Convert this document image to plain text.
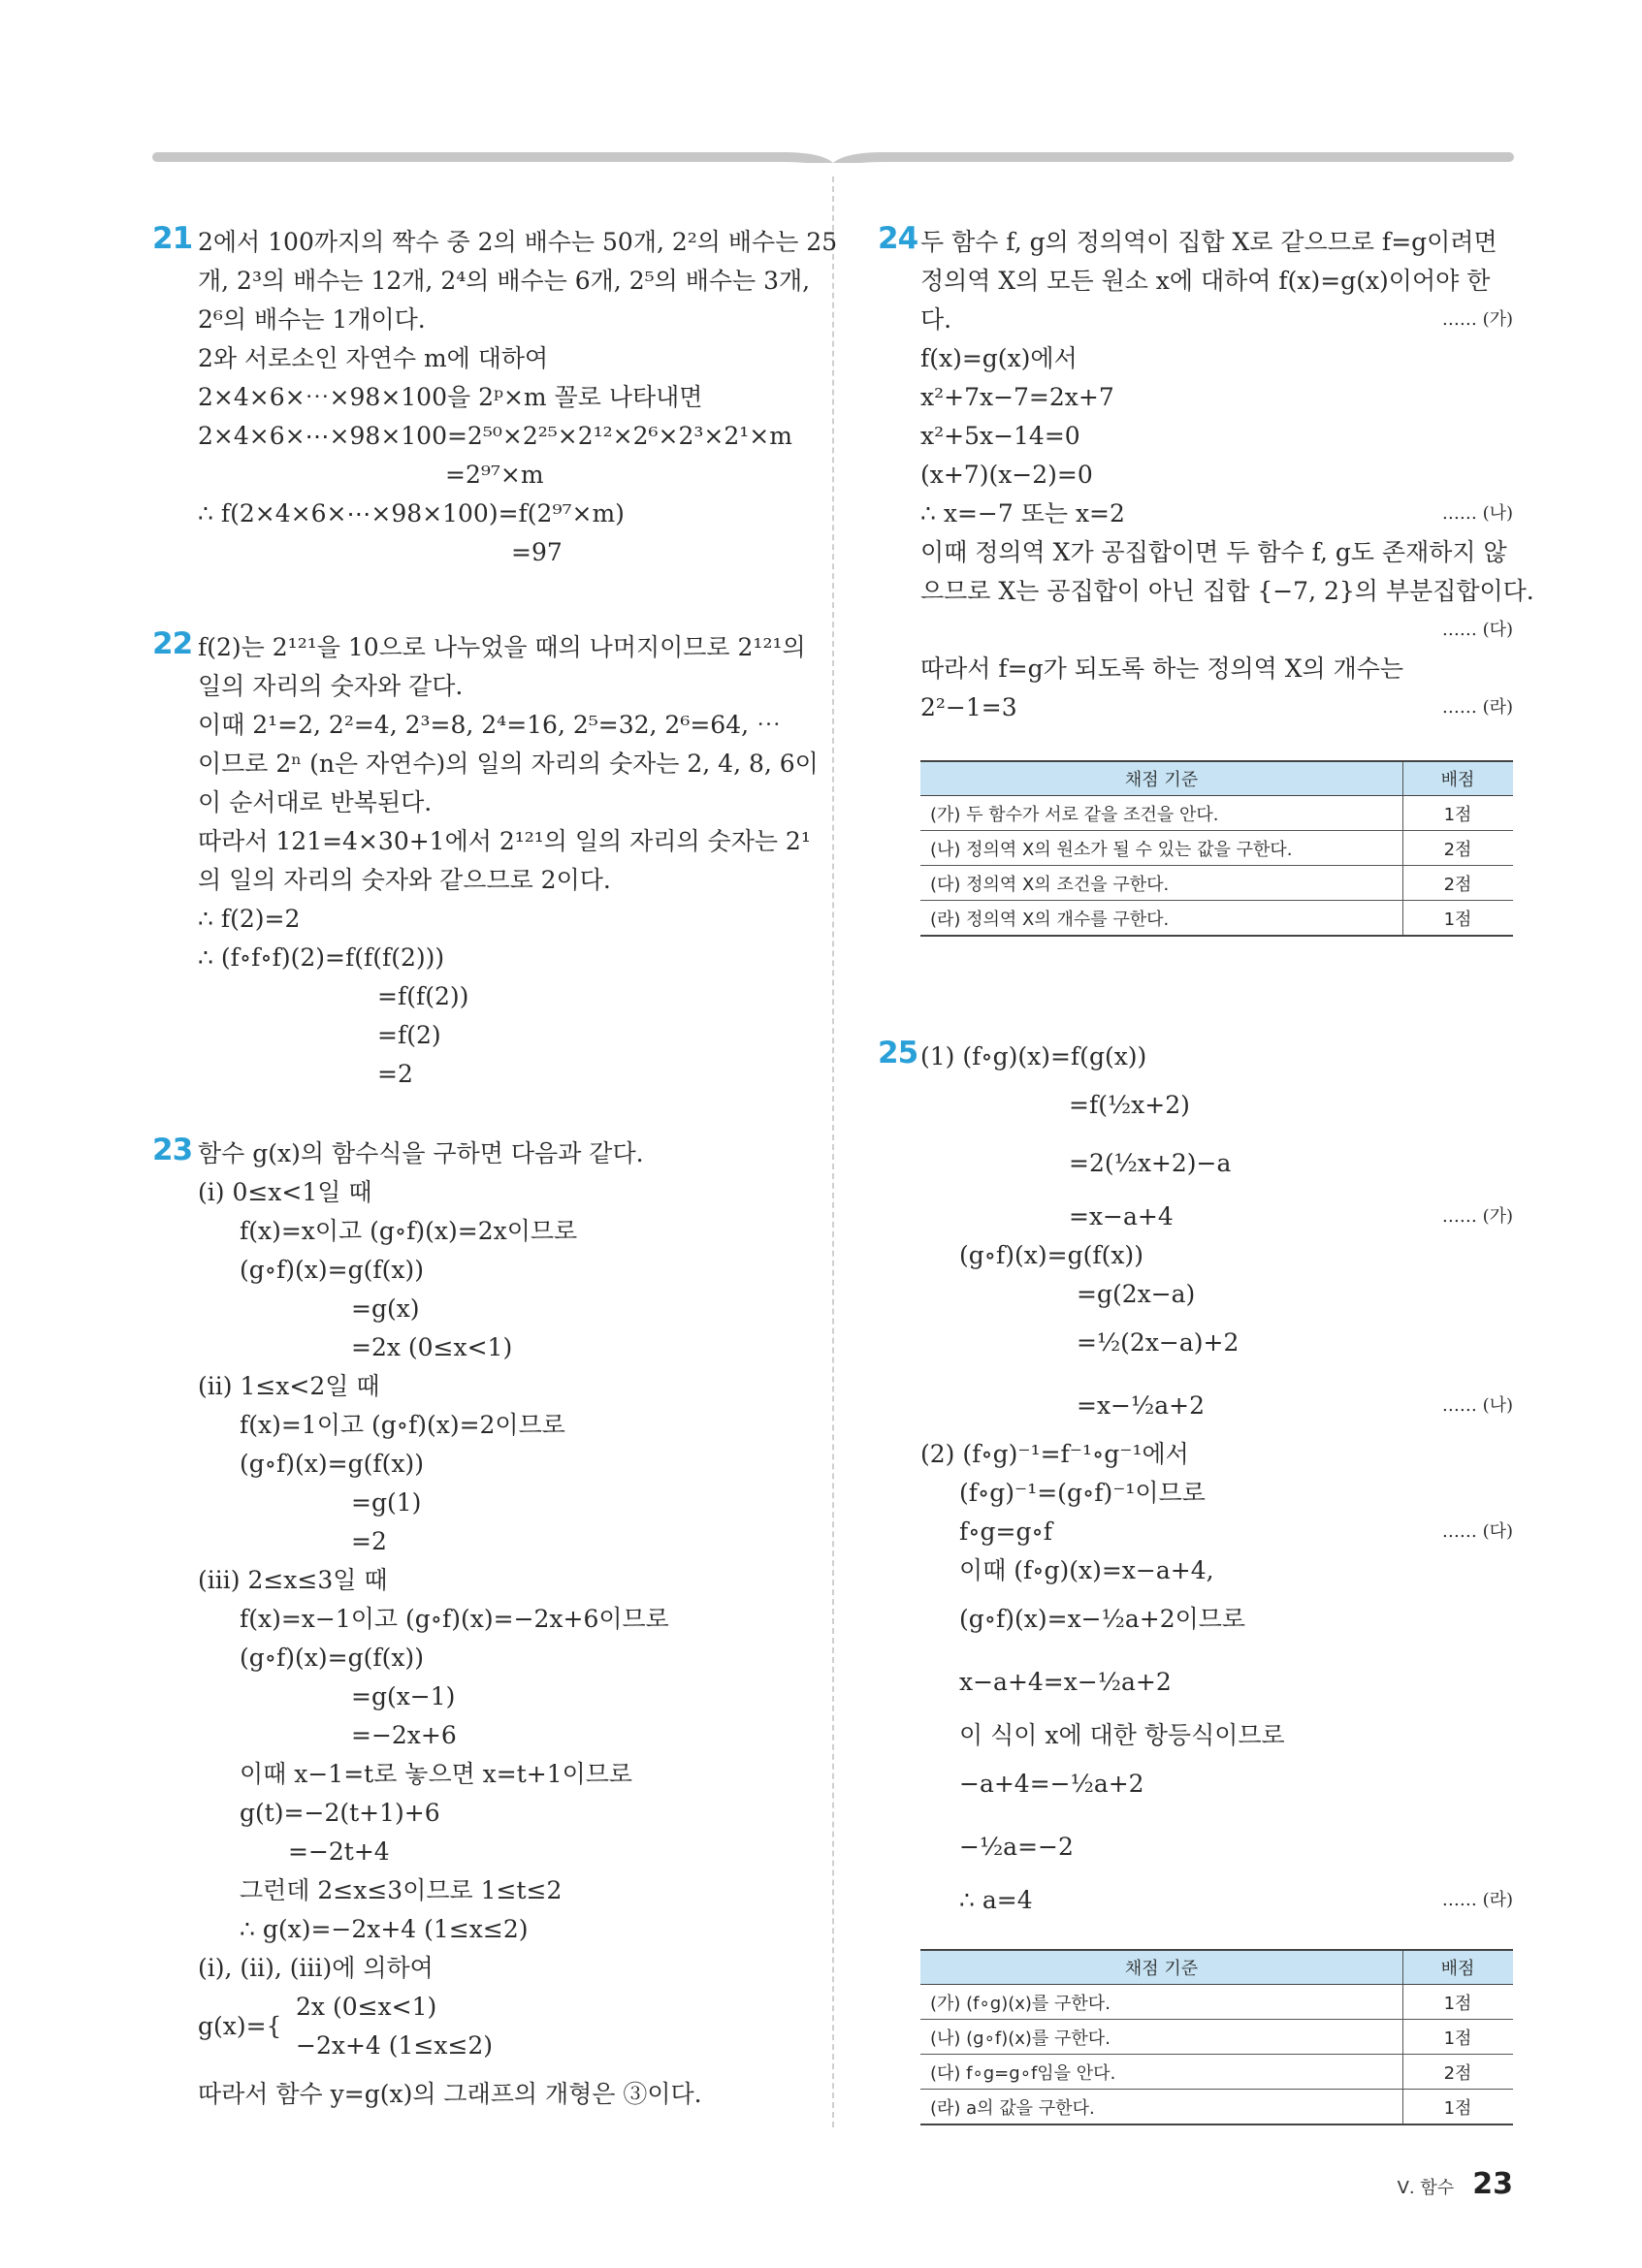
21 2에서 100까지의 짝수 중 2의 배수는 50개, 2²의 배수는 25
개, 2³의 배수는 12개, 2⁴의 배수는 6개, 2⁵의 배수는 3개,
2⁶의 배수는 1개이다.
2와 서로소인 자연수 m에 대하여
2×4×6×⋯×98×100을 2ᵖ×m 꼴로 나타내면
2×4×6×⋯×98×100=2⁵⁰×2²⁵×2¹²×2⁶×2³×2¹×m
=2⁹⁷×m
∴ f(2×4×6×⋯×98×100)=f(2⁹⁷×m)
=97
22 f(2)는 2¹²¹을 10으로 나누었을 때의 나머지이므로 2¹²¹의
일의 자리의 숫자와 같다.
이때 2¹=2, 2²=4, 2³=8, 2⁴=16, 2⁵=32, 2⁶=64, ⋯
이므로 2ⁿ (n은 자연수)의 일의 자리의 숫자는 2, 4, 8, 6이
이 순서대로 반복된다.
따라서 121=4×30+1에서 2¹²¹의 일의 자리의 숫자는 2¹
의 일의 자리의 숫자와 같으므로 2이다.
∴ f(2)=2
∴ (f∘f∘f)(2)=f(f(f(2)))
=f(f(2))
=f(2)
=2
23 함수 g(x)의 함수식을 구하면 다음과 같다.
(ⅰ) 0≤x<1일 때
f(x)=x이고 (g∘f)(x)=2x이므로
(g∘f)(x)=g(f(x))
=g(x)
=2x (0≤x<1)
(ⅱ) 1≤x<2일 때
f(x)=1이고 (g∘f)(x)=2이므로
(g∘f)(x)=g(f(x))
=g(1)
=2
(ⅲ) 2≤x≤3일 때
f(x)=x−1이고 (g∘f)(x)=−2x+6이므로
(g∘f)(x)=g(f(x))
=g(x−1)
=−2x+6
이때 x−1=t로 놓으면 x=t+1이므로
g(t)=−2(t+1)+6
=−2t+4
그런데 2≤x≤3이므로 1≤t≤2
∴ g(x)=−2x+4 (1≤x≤2)
(ⅰ), (ⅱ), (ⅲ)에 의하여
g(x)={
2x (0≤x<1)
−2x+4 (1≤x≤2)
따라서 함수 y=g(x)의 그래프의 개형은 ③이다.
24 두 함수 f, g의 정의역이 집합 X로 같으므로 f=g이려면
정의역 X의 모든 원소 x에 대하여 f(x)=g(x)이어야 한
다.	…… (가)
f(x)=g(x)에서
x²+7x−7=2x+7
x²+5x−14=0
(x+7)(x−2)=0
∴ x=−7 또는 x=2	…… (나)
이때 정의역 X가 공집합이면 두 함수 f, g도 존재하지 않
으므로 X는 공집합이 아닌 집합 {−7, 2}의 부분집합이다.
…… (다)
따라서 f=g가 되도록 하는 정의역 X의 개수는
2²−1=3	…… (라)
채점 기준	배점
(가) 두 함수가 서로 같을 조건을 안다.	1점
(나) 정의역 X의 원소가 될 수 있는 값을 구한다.	2점
(다) 정의역 X의 조건을 구한다.	2점
(라) 정의역 X의 개수를 구한다.	1점
25 (1) (f∘g)(x)=f(g(x))
=f(½x+2)
=2(½x+2)−a
=x−a+4	…… (가)
(g∘f)(x)=g(f(x))
=g(2x−a)
=½(2x−a)+2
=x−½a+2	…… (나)
(2) (f∘g)⁻¹=f⁻¹∘g⁻¹에서
(f∘g)⁻¹=(g∘f)⁻¹이므로
f∘g=g∘f	…… (다)
이때 (f∘g)(x)=x−a+4,
(g∘f)(x)=x−½a+2이므로
x−a+4=x−½a+2
이 식이 x에 대한 항등식이므로
−a+4=−½a+2
−½a=−2
∴ a=4	…… (라)
채점 기준	배점
(가) (f∘g)(x)를 구한다.	1점
(나) (g∘f)(x)를 구한다.	1점
(다) f∘g=g∘f임을 안다.	2점
(라) a의 값을 구한다.	1점
Ⅴ. 함수 23
